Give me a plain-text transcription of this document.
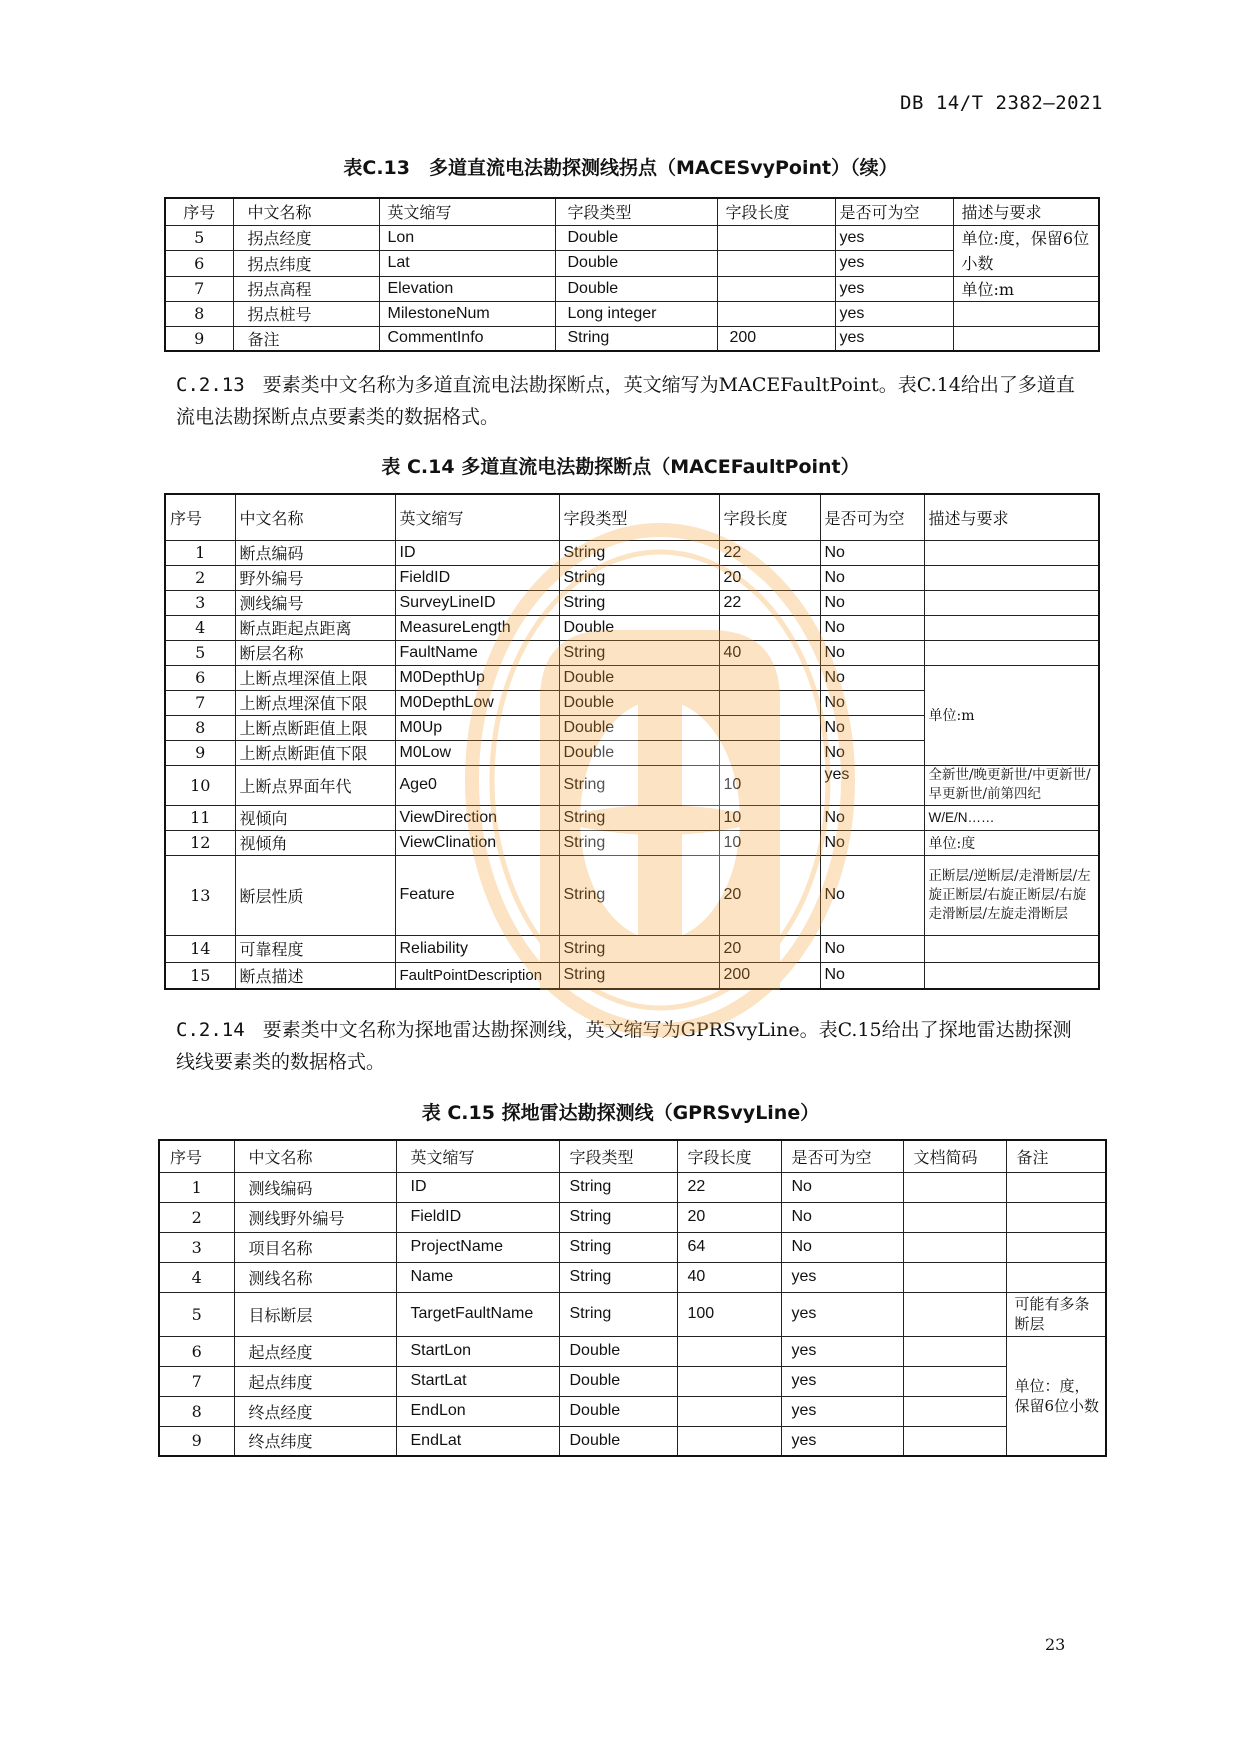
DB 14/T 2382—2021
表C.13　多道直流电法勘探测线拐点（MACESvyPoint）（续）
序号	中文名称	英文缩写	字段类型	字段长度	是否可为空	描述与要求
5	拐点经度	Lon	Double		yes	单位:度，保留6位小数
6	拐点纬度	Lat	Double		yes	
7	拐点高程	Elevation	Double		yes	单位:m
8	拐点桩号	MilestoneNum	Long integer		yes	
9	备注	CommentInfo	String	200	yes	
C.2.13 要素类中文名称为多道直流电法勘探断点，英文缩写为MACEFaultPoint。表C.14给出了多道直流电法勘探断点点要素类的数据格式。
表 C.14 多道直流电法勘探断点（MACEFaultPoint）
序号	中文名称	英文缩写	字段类型	字段长度	是否可为空	描述与要求
1	断点编码	ID	String	22	No	
2	野外编号	FieldID	String	20	No	
3	测线编号	SurveyLineID	String	22	No	
4	断点距起点距离	MeasureLength	Double		No	
5	断层名称	FaultName	String	40	No	
6	上断点埋深值上限	M0DepthUp	Double		No	单位:m
7	上断点埋深值下限	M0DepthLow	Double		No	
8	上断点断距值上限	M0Up	Double		No	
9	上断点断距值下限	M0Low	Double		No	
10	上断点界面年代	Age0	String	10	yes	全新世/晚更新世/中更新世/早更新世/前第四纪
11	视倾向	ViewDirection	String	10	No	W/E/N……
12	视倾角	ViewClination	String	10	No	单位:度
13	断层性质	Feature	String	20	No	正断层/逆断层/走滑断层/左旋正断层/右旋正断层/右旋走滑断层/左旋走滑断层
14	可靠程度	Reliability	String	20	No	
15	断点描述	FaultPointDescription	String	200	No	
C.2.14 要素类中文名称为探地雷达勘探测线，英文缩写为GPRSvyLine。表C.15给出了探地雷达勘探测线线要素类的数据格式。
表 C.15 探地雷达勘探测线（GPRSvyLine）
序号	中文名称	英文缩写	字段类型	字段长度	是否可为空	文档简码	备注
1	测线编码	ID	String	22	No		
2	测线野外编号	FieldID	String	20	No		
3	项目名称	ProjectName	String	64	No		
4	测线名称	Name	String	40	yes		
5	目标断层	TargetFaultName	String	100	yes		可能有多条断层
6	起点经度	StartLon	Double		yes		单位：度，保留6位小数
7	起点纬度	StartLat	Double		yes		
8	终点经度	EndLon	Double		yes		
9	终点纬度	EndLat	Double		yes		
23
